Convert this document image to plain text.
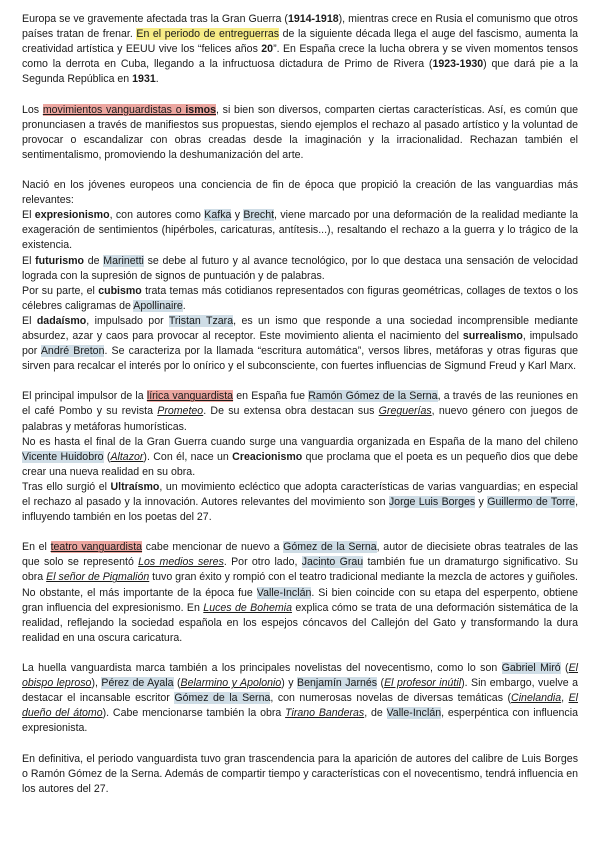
Europa se ve gravemente afectada tras la Gran Guerra (1914-1918), mientras crece en Rusia el comunismo que otros países tratan de frenar. En el periodo de entreguerras de la siguiente década llega el auge del fascismo, aumenta la creatividad artística y EEUU vive los “felices años 20”. En España crece la lucha obrera y se viven momentos tensos como la derrota en Cuba, llegando a la infructuosa dictadura de Primo de Rivera (1923-1930) que dará pie a la Segunda República en 1931.

Los movimientos vanguardistas o ismos, si bien son diversos, comparten ciertas características. Así, es común que pronunciasen a través de manifiestos sus propuestas, siendo ejemplos el rechazo al pasado artístico y la voluntad de provocar o escandalizar con obras creadas desde la imaginación y la irracionalidad. Rechazan también el sentimentalismo, promoviendo la deshumanización del arte.

Nació en los jóvenes europeos una conciencia de fin de época que propició la creación de las vanguardias más relevantes:

El expresionismo, con autores como Kafka y Brecht, viene marcado por una deformación de la realidad mediante la exageración de sentimientos (hipérboles, caricaturas, antítesis...), resaltando el rechazo a la guerra y lo trágico de la existencia.

El futurismo de Marinetti se debe al futuro y al avance tecnológico, por lo que destaca una sensación de velocidad lograda con la supresión de signos de puntuación y de palabras.

Por su parte, el cubismo trata temas más cotidianos representados con figuras geométricas, collages de textos o los célebres caligramas de Apollinaire.

El dadaísmo, impulsado por Tristan Tzara, es un ismo que responde a una sociedad incomprensible mediante absurdez, azar y caos para provocar al receptor. Este movimiento alienta el nacimiento del surrealismo, impulsado por André Breton. Se caracteriza por la llamada “escritura automática”, versos libres, metáforas y otras figuras que sirven para recalcar el interés por lo onírico y el subconsciente, con fuertes influencias de Sigmund Freud y Karl Marx.

El principal impulsor de la lírica vanguardista en España fue Ramón Gómez de la Serna, a través de las reuniones en el café Pombo y su revista Prometeo. De su extensa obra destacan sus Greguerías, nuevo género con juegos de palabras y metáforas humorísticas.

No es hasta el final de la Gran Guerra cuando surge una vanguardia organizada en España de la mano del chileno Vicente Huidobro (Altazor). Con él, nace un Creacionismo que proclama que el poeta es un pequeño dios que debe crear una nueva realidad en su obra.

Tras ello surgió el Ultraísmo, un movimiento ecléctico que adopta características de varias vanguardias; en especial el rechazo al pasado y la innovación. Autores relevantes del movimiento son Jorge Luis Borges y Guillermo de Torre, influyendo también en los poetas del 27.

En el teatro vanguardista cabe mencionar de nuevo a Gómez de la Serna, autor de diecisiete obras teatrales de las que solo se representó Los medios seres. Por otro lado, Jacinto Grau también fue un dramaturgo significativo. Su obra El señor de Pigmalión tuvo gran éxito y rompió con el teatro tradicional mediante la mezcla de actores y guiñoles. No obstante, el más importante de la época fue Valle-Inclán. Si bien coincide con su etapa del esperpento, obtiene gran influencia del expresionismo. En Luces de Bohemia explica cómo se trata de una deformación sistemática de la realidad, reflejando la sociedad española en los espejos cóncavos del Callejón del Gato y transformando la dura realidad en una oscura caricatura.

La huella vanguardista marca también a los principales novelistas del novecentismo, como lo son Gabriel Miró (El obispo leproso), Pérez de Ayala (Belarmino y Apolonio) y Benjamín Jarnés (El profesor inútil). Sin embargo, vuelve a destacar el incansable escritor Gómez de la Serna, con numerosas novelas de diversas temáticas (Cinelandia, El dueño del átomo). Cabe mencionarse también la obra Tirano Banderas, de Valle-Inclán, esperpéntica con influencia expresionista.

En definitiva, el periodo vanguardista tuvo gran trascendencia para la aparición de autores del calibre de Luis Borges o Ramón Gómez de la Serna. Además de compartir tiempo y características con el novecentismo, tendrá influencia en los autores del 27.
